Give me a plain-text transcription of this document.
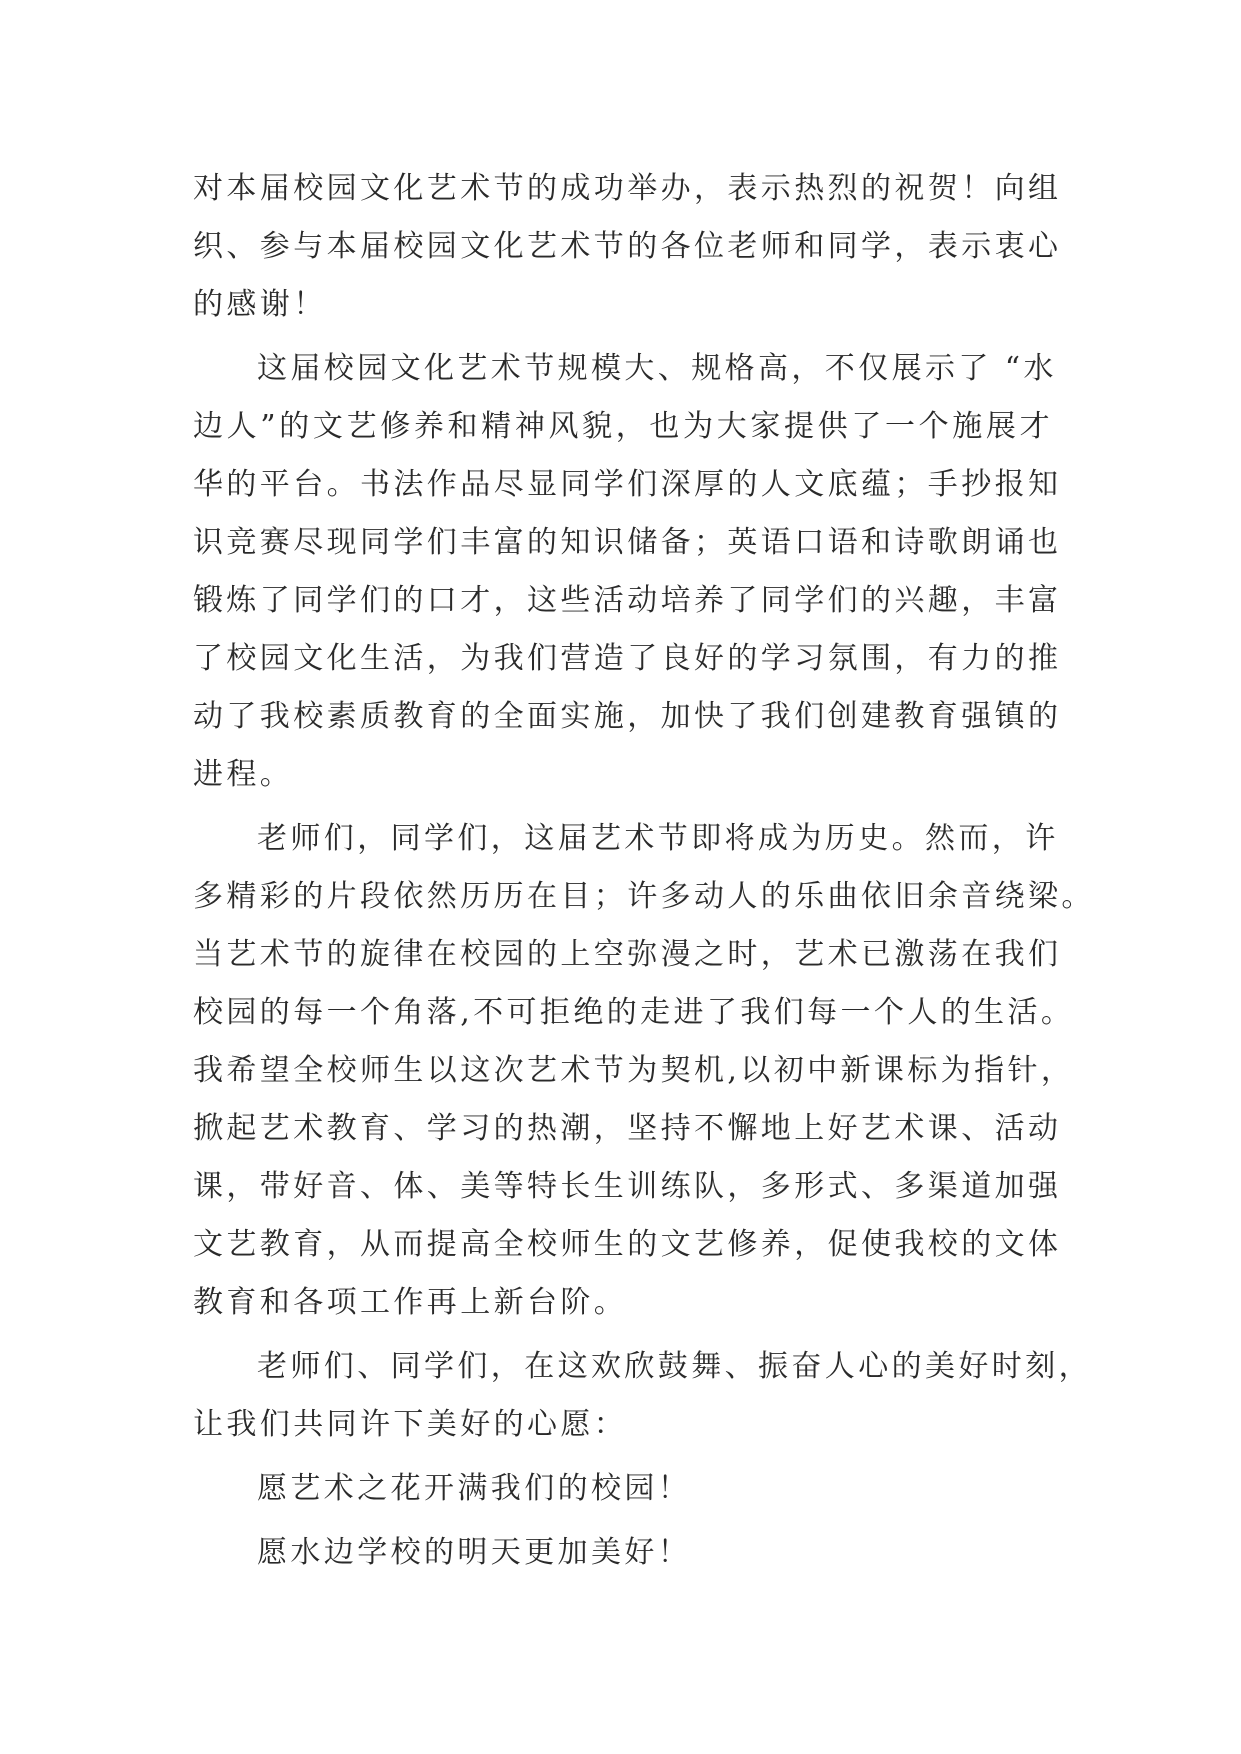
对本届校园文化艺术节的成功举办，表示热烈的祝贺！向组
织、参与本届校园文化艺术节的各位老师和同学，表示衷心
的感谢！
这届校园文化艺术节规模大、规格高，不仅展示了 “水
边人”的文艺修养和精神风貌，也为大家提供了一个施展才
华的平台。书法作品尽显同学们深厚的人文底蕴；手抄报知
识竞赛尽现同学们丰富的知识储备；英语口语和诗歌朗诵也
锻炼了同学们的口才，这些活动培养了同学们的兴趣，丰富
了校园文化生活，为我们营造了良好的学习氛围，有力的推
动了我校素质教育的全面实施，加快了我们创建教育强镇的
进程。
老师们，同学们，这届艺术节即将成为历史。然而，许
多精彩的片段依然历历在目；许多动人的乐曲依旧余音绕梁。
当艺术节的旋律在校园的上空弥漫之时，艺术已激荡在我们
校园的每一个角落,不可拒绝的走进了我们每一个人的生活。
我希望全校师生以这次艺术节为契机,以初中新课标为指针，
掀起艺术教育、学习的热潮，坚持不懈地上好艺术课、活动
课，带好音、体、美等特长生训练队，多形式、多渠道加强
文艺教育，从而提高全校师生的文艺修养，促使我校的文体
教育和各项工作再上新台阶。
老师们、同学们，在这欢欣鼓舞、振奋人心的美好时刻，
让我们共同许下美好的心愿：
愿艺术之花开满我们的校园！
愿水边学校的明天更加美好！
